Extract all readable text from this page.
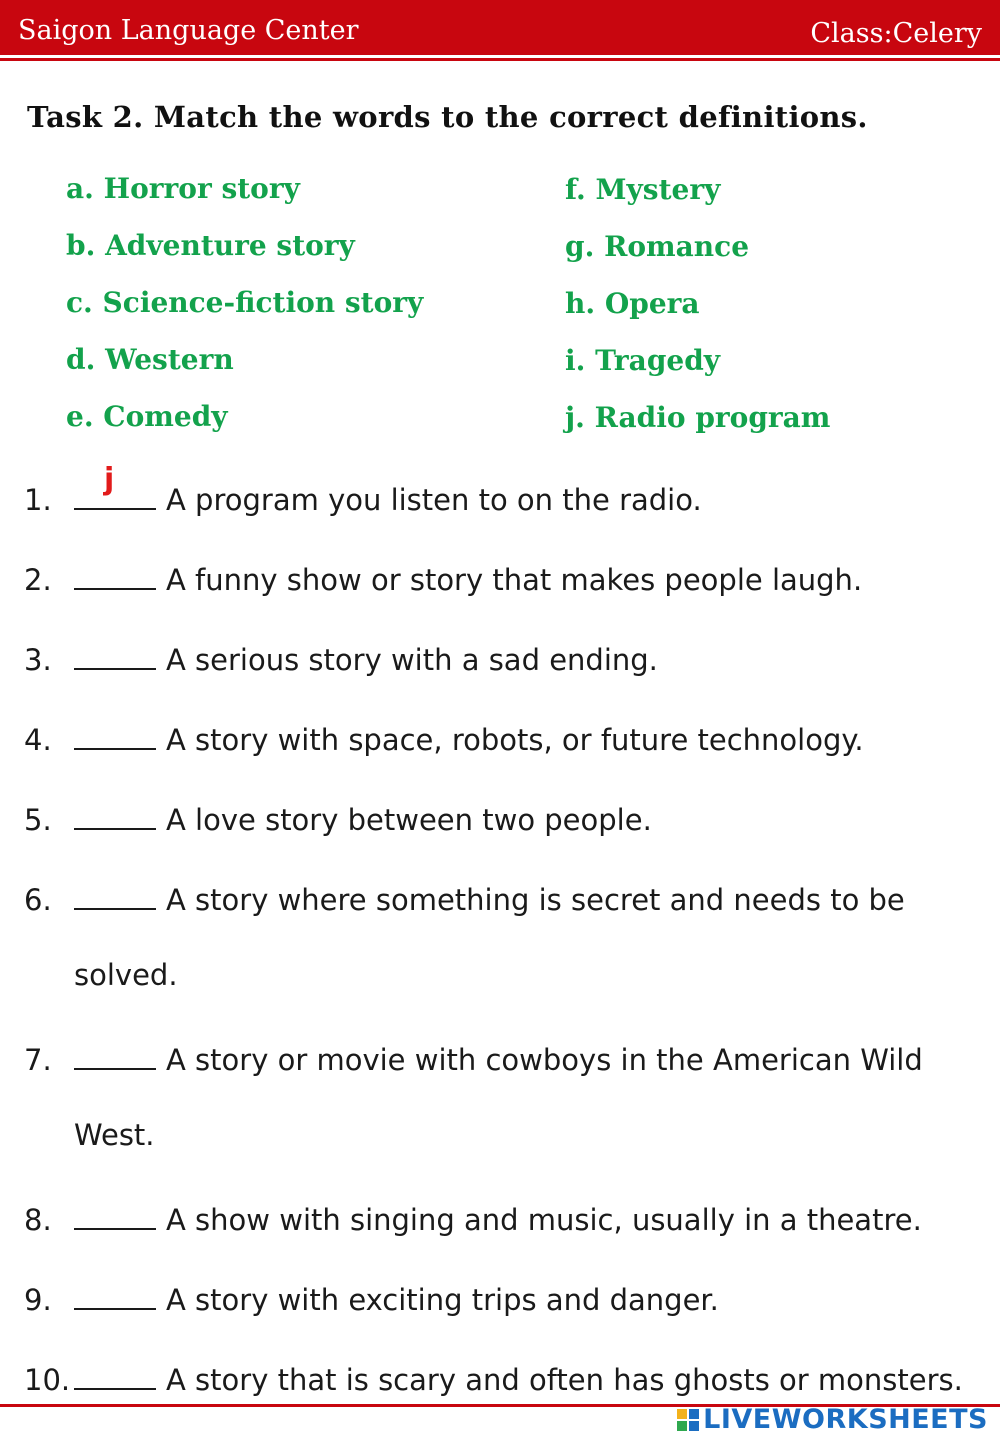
Saigon Language Center	Class:Celery
Task 2. Match the words to the correct definitions.
a. Horror story
b. Adventure story
c. Science-fiction story
d. Western
e. Comedy
f. Mystery
g. Romance
h. Opera
i. Tragedy
j. Radio program
1.
j
A program you listen to on the radio.
2.	A funny show or story that makes people laugh.
3.	A serious story with a sad ending.
4.	A story with space, robots, or future technology.
5.	A love story between two people.
6.	A story where something is secret and needs to be
solved.
7.	A story or movie with cowboys in the American Wild
West.
8.	A show with singing and music, usually in a theatre.
9.	A story with exciting trips and danger.
10.	A story that is scary and often has ghosts or monsters.
LIVEWORKSHEETS
